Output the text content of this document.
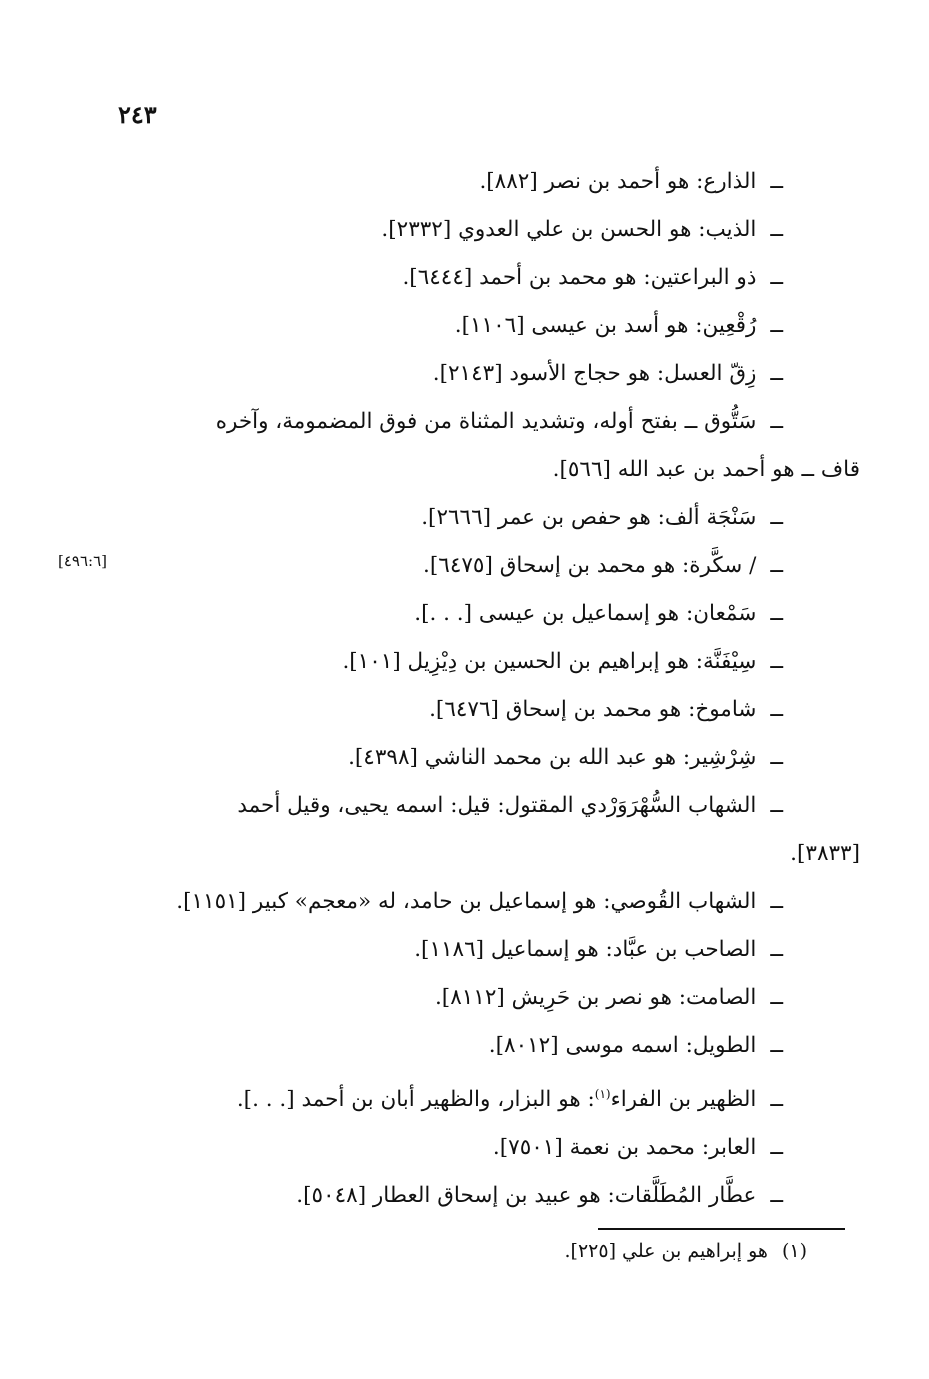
٢٤٣
[٤٩٦:٦]
ــالذارع: هو أحمد بن نصر [٨٨٢].
ــالذيب: هو الحسن بن علي العدوي [٢٣٣٢].
ــذو البراعتين: هو محمد بن أحمد [٦٤٤٤].
ــرُقْعِين: هو أسد بن عيسى [١١٠٦].
ــزِقّ العسل: هو حجاج الأسود [٢١٤٣].
ــسَتُّوق ــ بفتح أوله، وتشديد المثناة من فوق المضمومة، وآخره
قاف ــ هو أحمد بن عبد الله [٥٦٦].
ــسَنْجَة ألف: هو حفص بن عمر [٢٦٦٦].
ــ/ سكَّرة: هو محمد بن إسحاق [٦٤٧٥].
ــسَمْعان: هو إسماعيل بن عيسى [. . .].
ــسِيْفَنَّة: هو إبراهيم بن الحسين بن دِيْزِيل [١٠١].
ــشاموخ: هو محمد بن إسحاق [٦٤٧٦].
ــشِرْشِير: هو عبد الله بن محمد الناشي [٤٣٩٨].
ــالشهاب السُّهْرَوَرْدي المقتول: قيل: اسمه يحيى، وقيل أحمد
[٣٨٣٣].
ــالشهاب القُوصي: هو إسماعيل بن حامد، له «معجم» كبير [١١٥١].
ــالصاحب بن عبَّاد: هو إسماعيل [١١٨٦].
ــالصامت: هو نصر بن حَرِيش [٨١١٢].
ــالطويل: اسمه موسى [٨٠١٢].
ــالظهير بن الفراء$^{(١)}$: هو البزار، والظهير أبان بن أحمد [. . .].
ــالعابر: محمد بن نعمة [٧٥٠١].
ــعطَّار المُطَلَّقات: هو عبيد بن إسحاق العطار [٥٠٤٨].
(١)هو إبراهيم بن علي [٢٢٥].
